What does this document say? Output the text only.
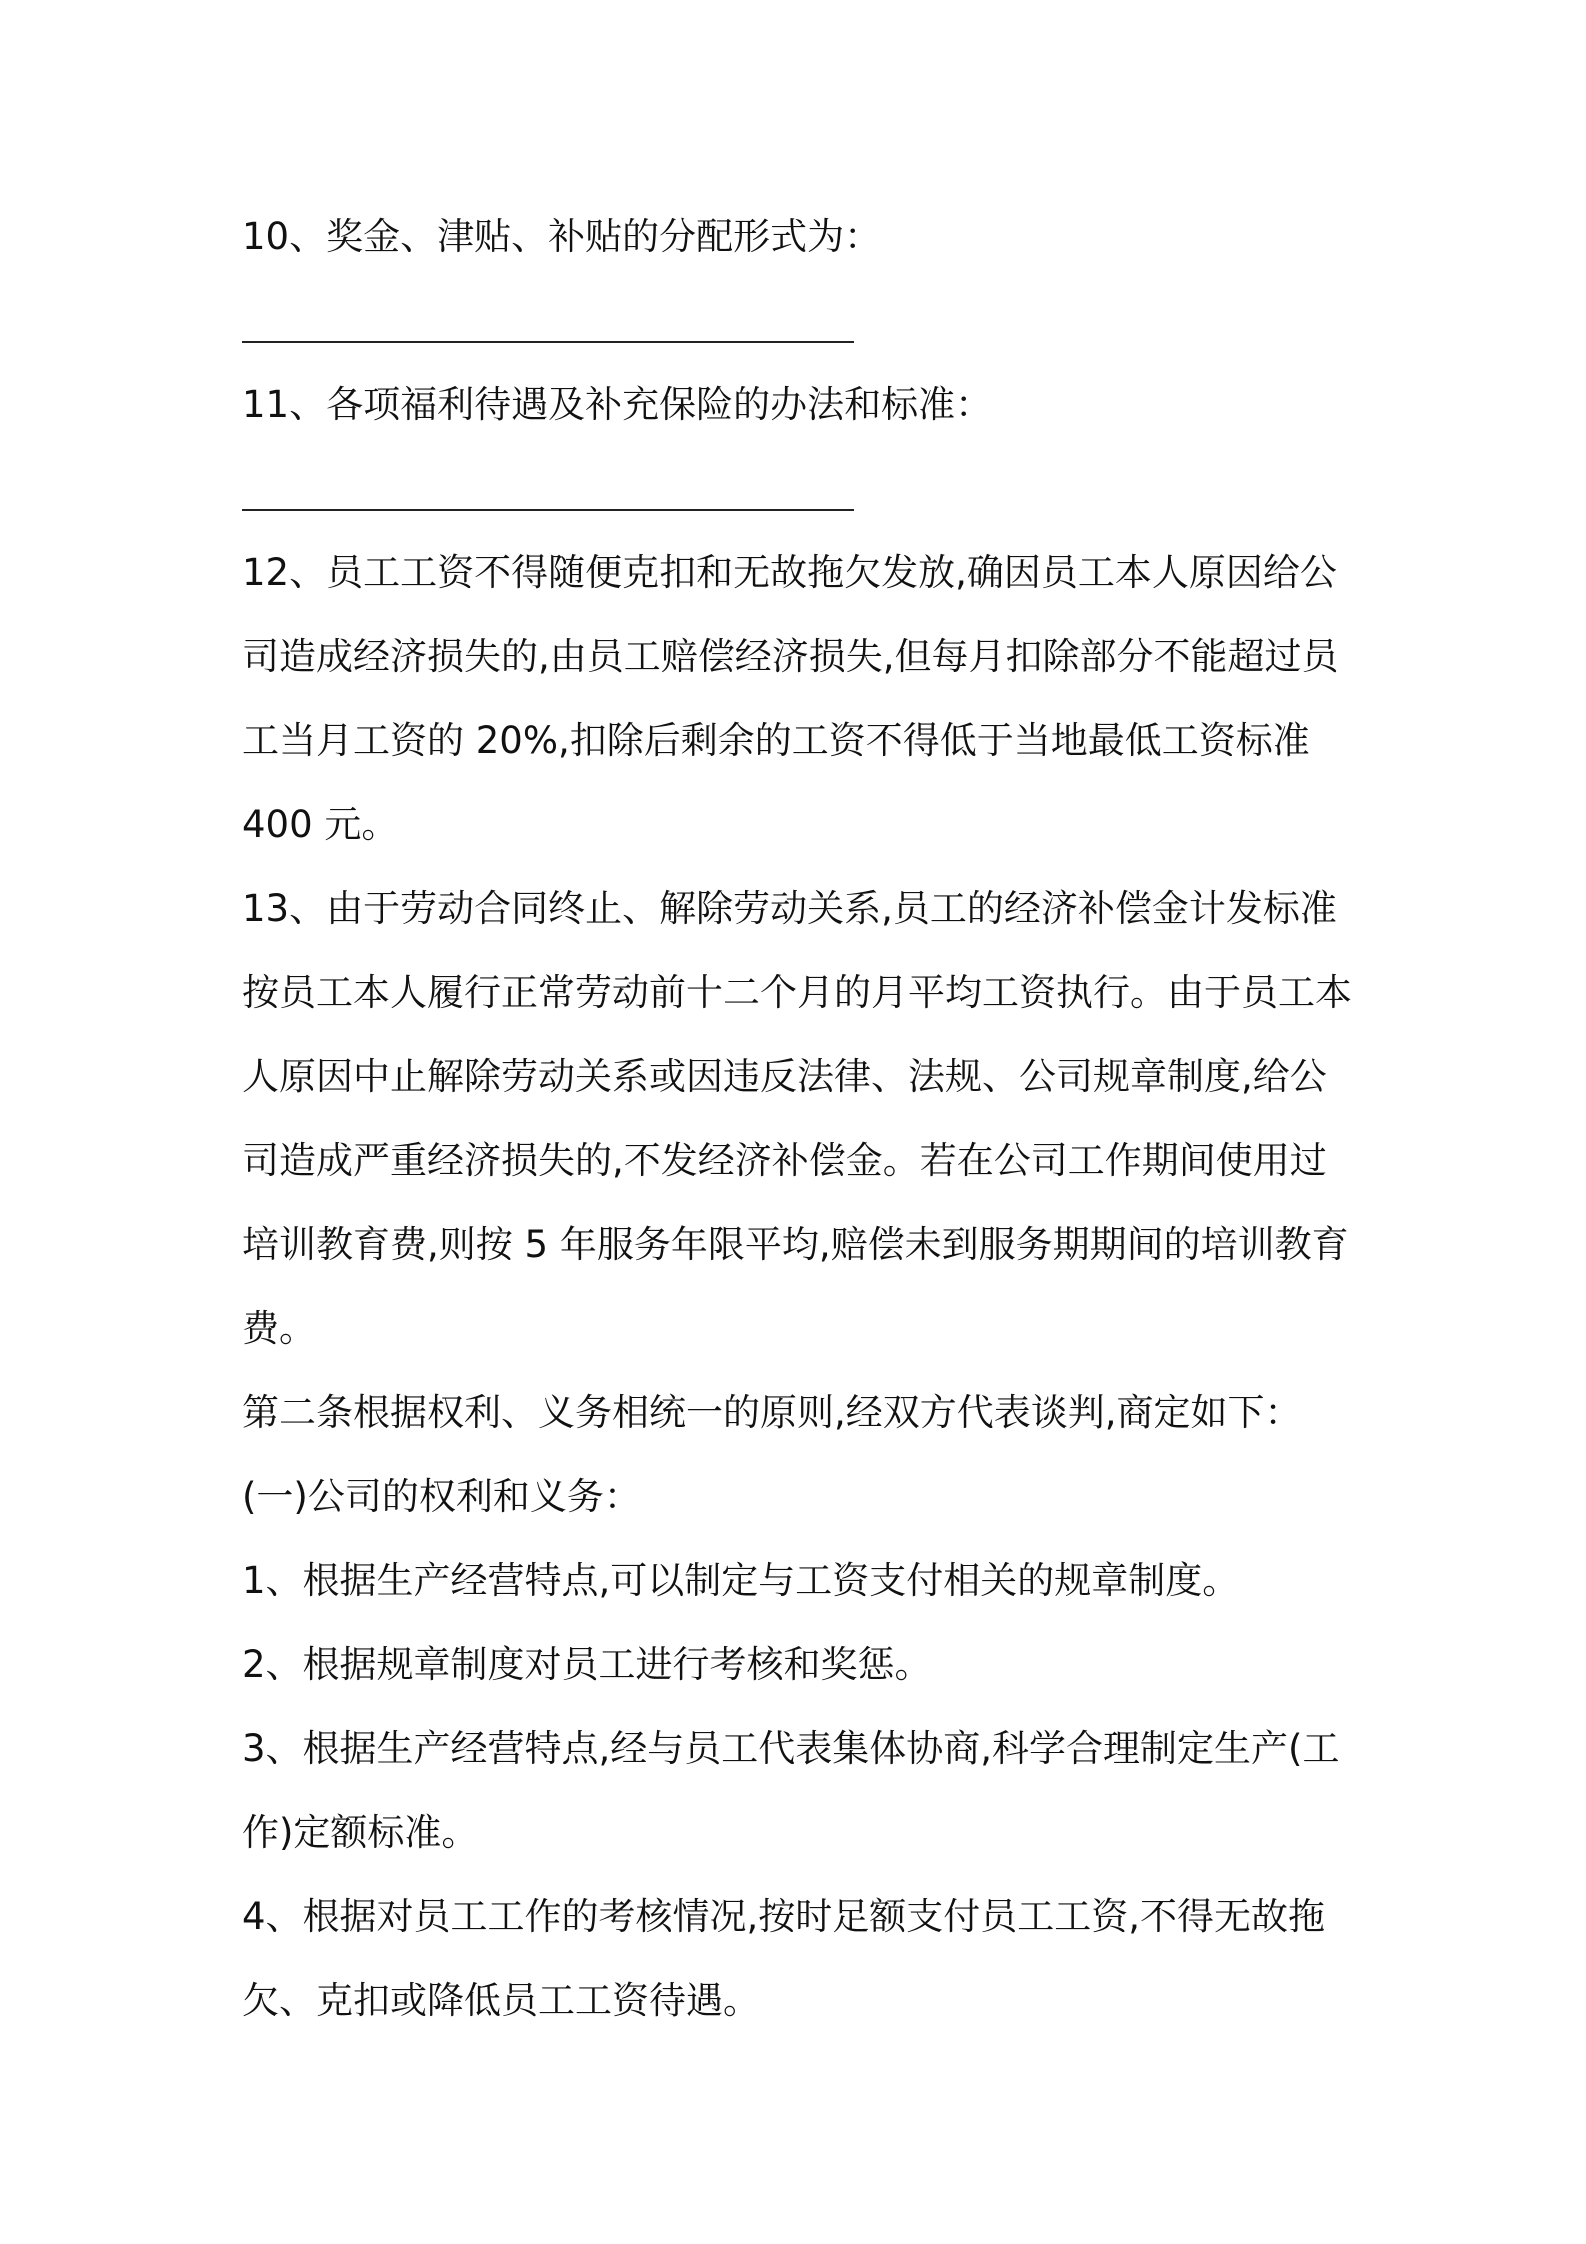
10、奖金、津贴、补贴的分配形式为：
11、各项福利待遇及补充保险的办法和标准：
12、员工工资不得随便克扣和无故拖欠发放,确因员工本人原因给公
司造成经济损失的,由员工赔偿经济损失,但每月扣除部分不能超过员
工当月工资的 20%,扣除后剩余的工资不得低于当地最低工资标准
400 元。
13、由于劳动合同终止、解除劳动关系,员工的经济补偿金计发标准
按员工本人履行正常劳动前十二个月的月平均工资执行。由于员工本
人原因中止解除劳动关系或因违反法律、法规、公司规章制度,给公
司造成严重经济损失的,不发经济补偿金。若在公司工作期间使用过
培训教育费,则按 5 年服务年限平均,赔偿未到服务期期间的培训教育
费。
第二条根据权利、义务相统一的原则,经双方代表谈判,商定如下：
(一)公司的权利和义务：
1、根据生产经营特点,可以制定与工资支付相关的规章制度。
2、根据规章制度对员工进行考核和奖惩。
3、根据生产经营特点,经与员工代表集体协商,科学合理制定生产(工
作)定额标准。
4、根据对员工工作的考核情况,按时足额支付员工工资,不得无故拖
欠、克扣或降低员工工资待遇。
